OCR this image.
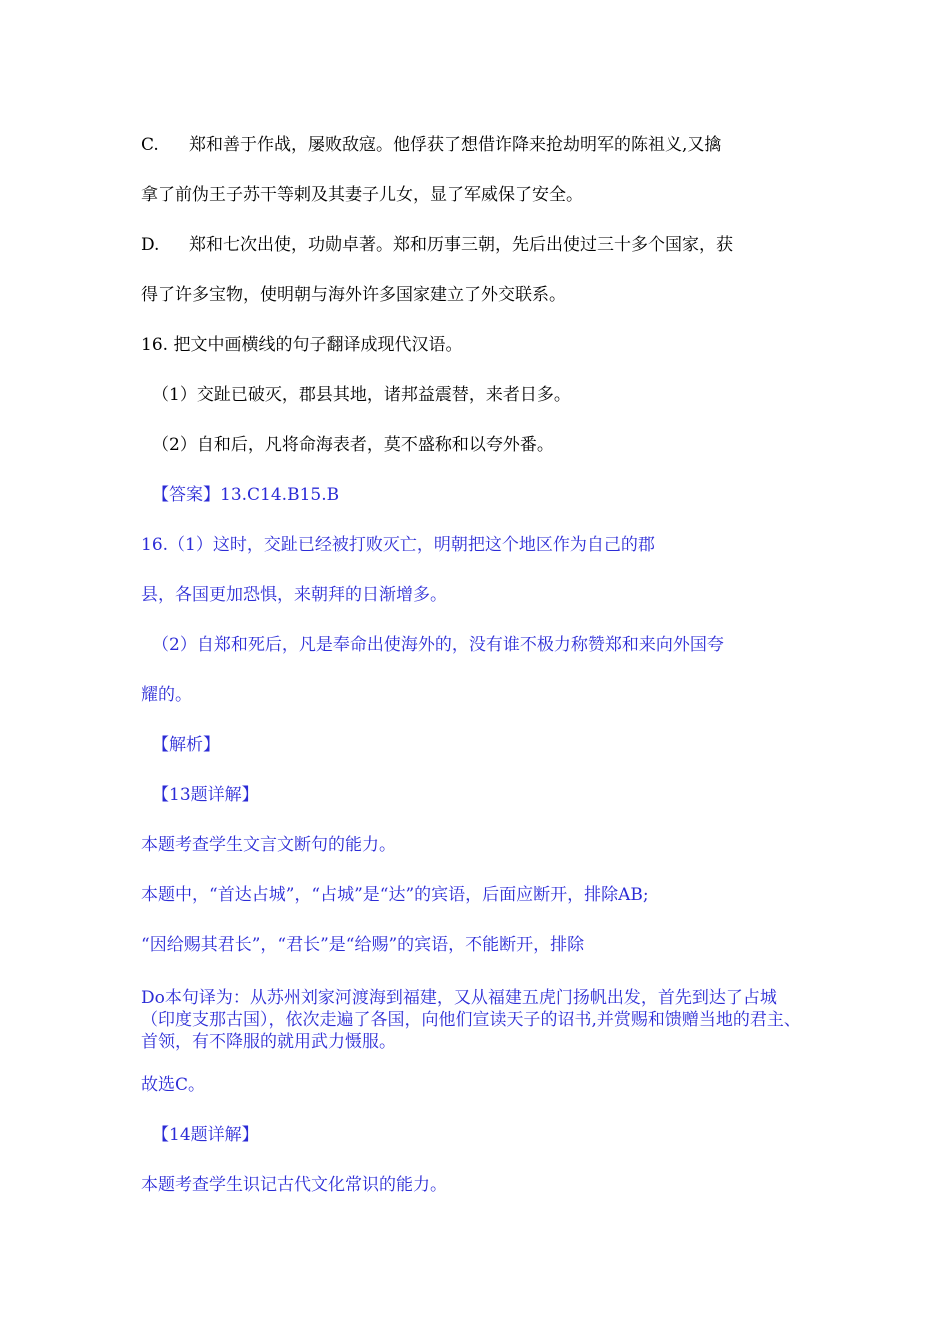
C. 郑和善于作战，屡败敌寇。他俘获了想借诈降来抢劫明军的陈祖义,又擒
拿了前伪王子苏干等剌及其妻子儿女，显了军威保了安全。
D. 郑和七次出使，功勋卓著。郑和历事三朝，先后出使过三十多个国家，获
得了许多宝物，使明朝与海外许多国家建立了外交联系。
16. 把文中画横线的句子翻译成现代汉语。
（1）交趾已破灭，郡县其地，诸邦益震替，来者日多。
（2）自和后，凡将命海表者，莫不盛称和以夸外番。
【答案】13.C14.B15.B
16.（1）这时，交趾已经被打败灭亡，明朝把这个地区作为自己的郡
县，各国更加恐惧，来朝拜的日渐增多。
（2）自郑和死后，凡是奉命出使海外的，没有谁不极力称赞郑和来向外国夸
耀的。
【解析】
【13题详解】
本题考查学生文言文断句的能力。
本题中，“首达占城”，“占城”是“达”的宾语，后面应断开，排除AB;
“因给赐其君长”，“君长”是“给赐”的宾语，不能断开，排除
Do本句译为：从苏州刘家河渡海到福建，又从福建五虎门扬帆出发，首先到达了占城（印度支那古国），依次走遍了各国，向他们宣读天子的诏书,并赏赐和馈赠当地的君主、首领，有不降服的就用武力慑服。
故选C。
【14题详解】
本题考查学生识记古代文化常识的能力。
